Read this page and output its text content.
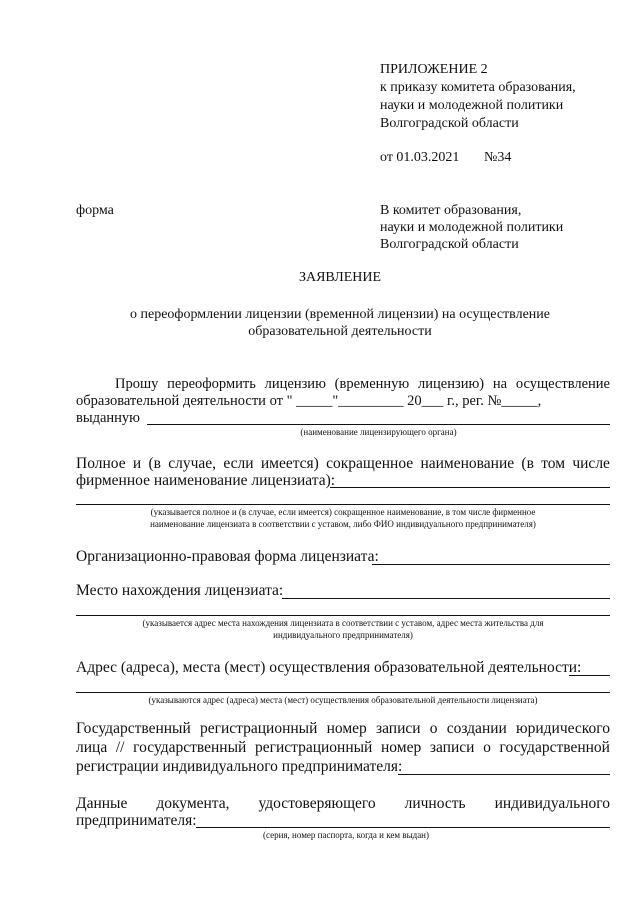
ПРИЛОЖЕНИЕ 2
к приказу комитета образования,
науки и молодежной политики
Волгоградской области
от 01.03.2021 №34
форма	В комитет образования,
науки и молодежной политики
Волгоградской области
ЗАЯВЛЕНИЕ
о переоформлении лицензии (временной лицензии) на осуществление
образовательной деятельности
Прошу переоформить лицензию (временную лицензию) на осуществление
образовательной деятельности от " _____"_________ 20___ г., рег. №_____,
выданную
(наименование лицензирующего органа)
Полное и (в случае, если имеется) сокращенное наименование (в том числе
фирменное наименование лицензиата):
(указывается полное и (в случае, если имеется) сокращенное наименование, в том числе фирменное
наименование лицензиата в соответствии с уставом, либо ФИО индивидуального предпринимателя)
Организационно-правовая форма лицензиата:
Место нахождения лицензиата:
(указывается адрес места нахождения лицензиата в соответствии с уставом, адрес места жительства для
индивидуального предпринимателя)
Адрес (адреса), места (мест) осуществления образовательной деятельности:
(указываются адрес (адреса) места (мест) осуществления образовательной деятельности лицензиата)
Государственный регистрационный номер записи о создании юридического
лица // государственный регистрационный номер записи о государственной
регистрации индивидуального предпринимателя:
Данные документа, удостоверяющего личность индивидуального
предпринимателя:
(серия, номер паспорта, когда и кем выдан)
